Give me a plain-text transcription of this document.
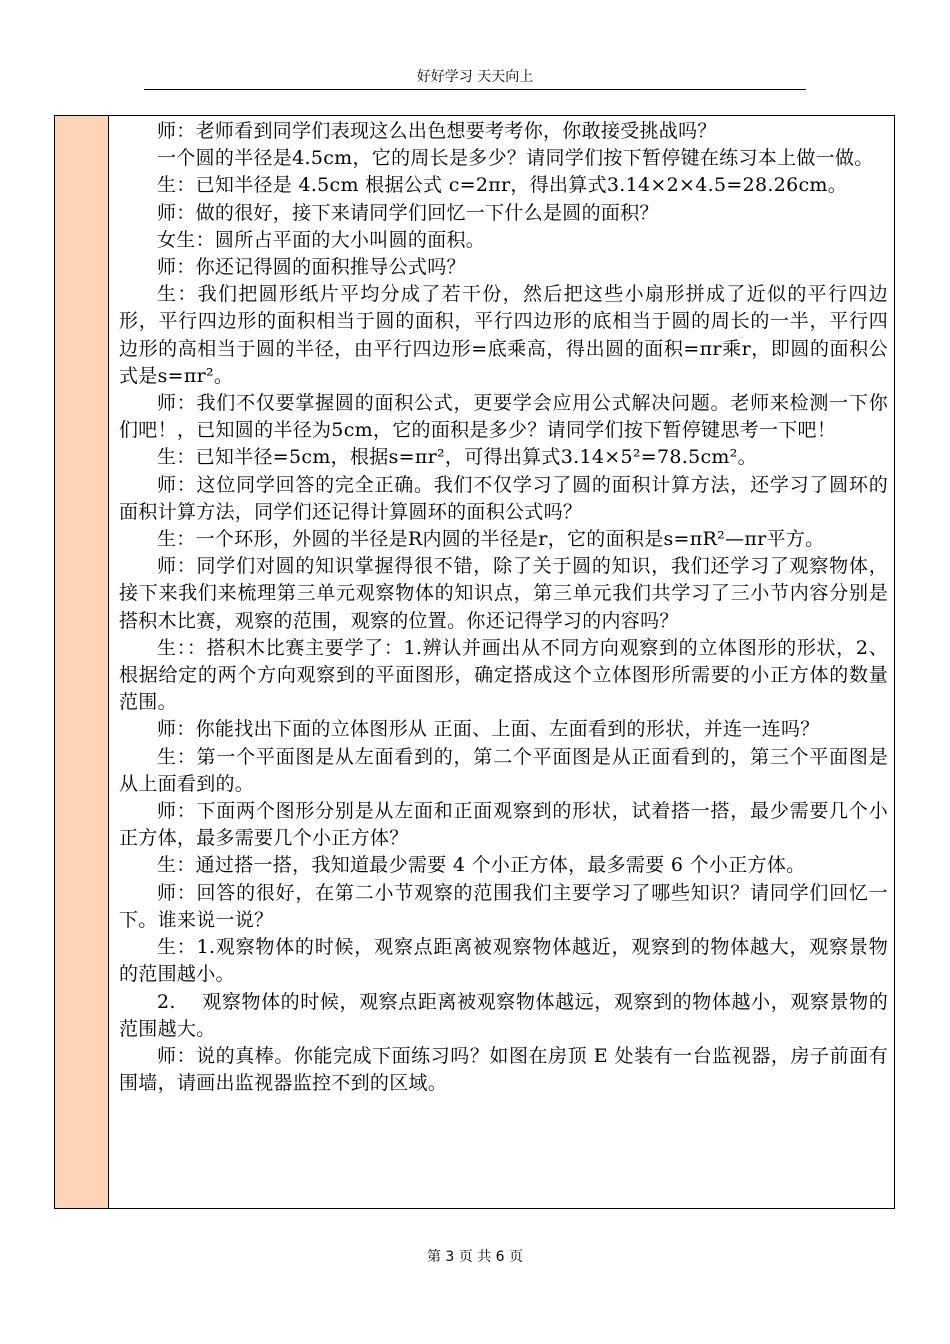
好好学习 天天向上

师：老师看到同学们表现这么出色想要考考你，你敢接受挑战吗？

一个圆的半径是4.5cm，它的周长是多少？请同学们按下暂停键在练习本上做一做。

生：已知半径是 4.5cm 根据公式 c=2πr，得出算式3.14×2×4.5=28.26cm。

师：做的很好，接下来请同学们回忆一下什么是圆的面积？

女生：圆所占平面的大小叫圆的面积。

师：你还记得圆的面积推导公式吗？

生：我们把圆形纸片平均分成了若干份，然后把这些小扇形拼成了近似的平行四边形，平行四边形的面积相当于圆的面积，平行四边形的底相当于圆的周长的一半，平行四边形的高相当于圆的半径，由平行四边形=底乘高，得出圆的面积=πr乘r，即圆的面积公式是s=πr²。

师：我们不仅要掌握圆的面积公式，更要学会应用公式解决问题。老师来检测一下你们吧！，已知圆的半径为5cm，它的面积是多少？请同学们按下暂停键思考一下吧！

生：已知半径=5cm，根据s=πr²，可得出算式3.14×5²=78.5cm²。

师：这位同学回答的完全正确。我们不仅学习了圆的面积计算方法，还学习了圆环的面积计算方法，同学们还记得计算圆环的面积公式吗？

生：一个环形，外圆的半径是R内圆的半径是r，它的面积是s=πR²—πr平方。

师：同学们对圆的知识掌握得很不错，除了关于圆的知识，我们还学习了观察物体，接下来我们来梳理第三单元观察物体的知识点，第三单元我们共学习了三小节内容分别是搭积木比赛，观察的范围，观察的位置。你还记得学习的内容吗？

生：：搭积木比赛主要学了：1.辨认并画出从不同方向观察到的立体图形的形状，2、根据给定的两个方向观察到的平面图形，确定搭成这个立体图形所需要的小正方体的数量范围。

师：你能找出下面的立体图形从 正面、上面、左面看到的形状，并连一连吗？

生：第一个平面图是从左面看到的，第二个平面图是从正面看到的，第三个平面图是从上面看到的。

师：下面两个图形分别是从左面和正面观察到的形状，试着搭一搭，最少需要几个小正方体，最多需要几个小正方体？

生：通过搭一搭，我知道最少需要 4 个小正方体，最多需要 6 个小正方体。

师：回答的很好，在第二小节观察的范围我们主要学习了哪些知识？请同学们回忆一下。谁来说一说？

生：1.观察物体的时候，观察点距离被观察物体越近，观察到的物体越大，观察景物的范围越小。

2.　 观察物体的时候，观察点距离被观察物体越远，观察到的物体越小，观察景物的范围越大。

师：说的真棒。你能完成下面练习吗？如图在房顶 E 处装有一台监视器，房子前面有围墙，请画出监视器监控不到的区域。

第 3 页 共 6 页
